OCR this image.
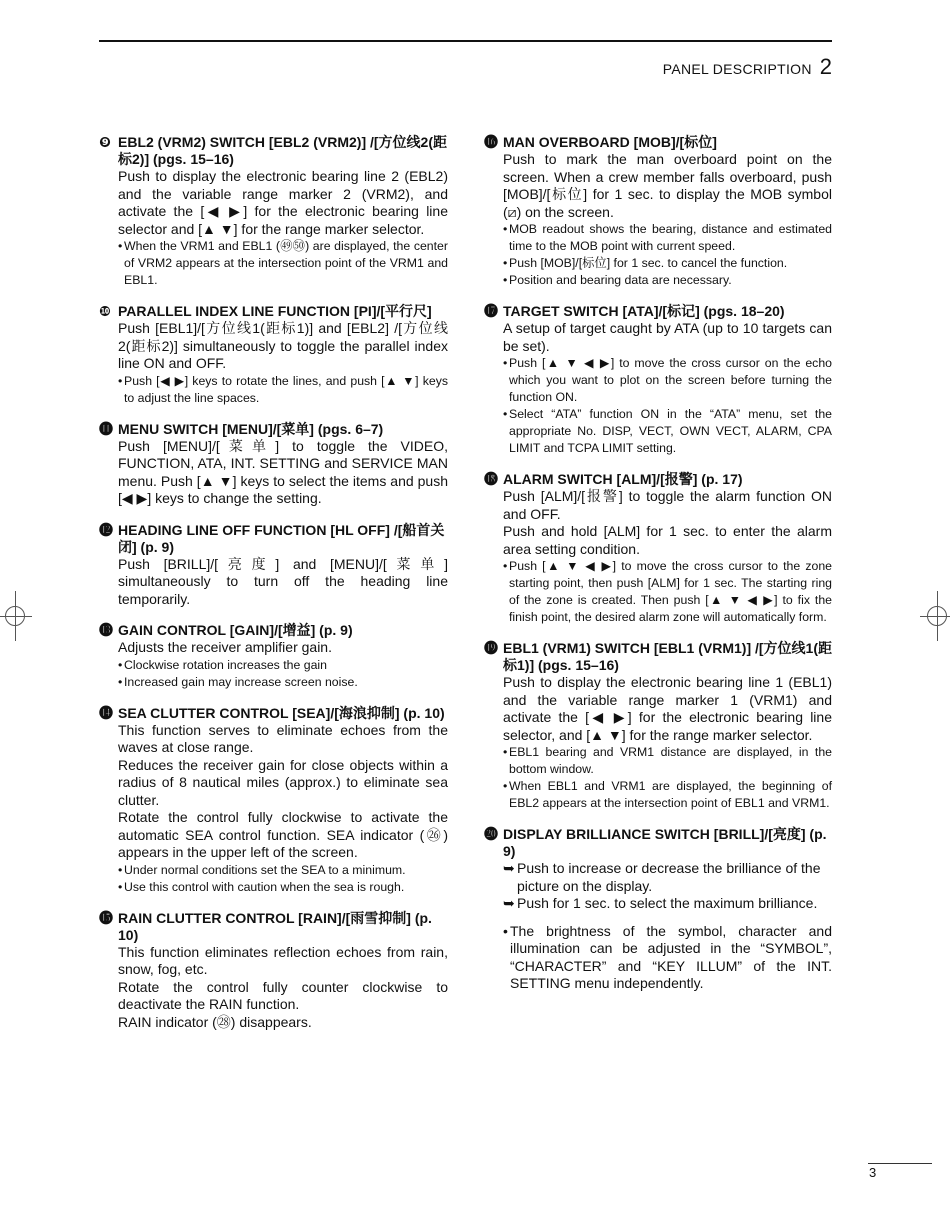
PANEL DESCRIPTION 2
❾ EBL2 (VRM2) SWITCH [EBL2 (VRM2)] /[方位线2(距标2)] (pgs. 15–16)
Push to display the electronic bearing line 2 (EBL2) and the variable range marker 2 (VRM2), and activate the [◀ ▶] for the electronic bearing line selector and [▲ ▼] for the range marker selector.
• When the VRM1 and EBL1 (㊾㊿) are displayed, the center of VRM2 appears at the intersection point of the VRM1 and EBL1.
❿ PARALLEL INDEX LINE FUNCTION [PI]/[平行尺]
Push [EBL1]/[方位线1(距标1)] and [EBL2] /[方位线2(距标2)] simultaneously to toggle the parallel index line ON and OFF.
• Push [◀ ▶] keys to rotate the lines, and push [▲ ▼] keys to adjust the line spaces.
⓫ MENU SWITCH [MENU]/[菜单] (pgs. 6–7)
Push [MENU]/[菜单] to toggle the VIDEO, FUNCTION, ATA, INT. SETTING and SERVICE MAN menu. Push [▲ ▼] keys to select the items and push [◀ ▶] keys to change the setting.
⓬ HEADING LINE OFF FUNCTION [HL OFF] /[船首关闭] (p. 9)
Push [BRILL]/[亮度] and [MENU]/[菜单] simultaneously to turn off the heading line temporarily.
⓭ GAIN CONTROL [GAIN]/[增益] (p. 9)
Adjusts the receiver amplifier gain.
• Clockwise rotation increases the gain
• Increased gain may increase screen noise.
⓮ SEA CLUTTER CONTROL [SEA]/[海浪抑制] (p. 10)
This function serves to eliminate echoes from the waves at close range.
Reduces the receiver gain for close objects within a radius of 8 nautical miles (approx.) to eliminate sea clutter.
Rotate the control fully clockwise to activate the automatic SEA control function. SEA indicator (㉖) appears in the upper left of the screen.
• Under normal conditions set the SEA to a minimum.
• Use this control with caution when the sea is rough.
⓯ RAIN CLUTTER CONTROL [RAIN]/[雨雪抑制] (p. 10)
This function eliminates reflection echoes from rain, snow, fog, etc.
Rotate the control fully counter clockwise to deactivate the RAIN function.
RAIN indicator (㉘) disappears.
⓰ MAN OVERBOARD [MOB]/[标位]
Push to mark the man overboard point on the screen. When a crew member falls overboard, push [MOB]/[标位] for 1 sec. to display the MOB symbol (⧄) on the screen.
• MOB readout shows the bearing, distance and estimated time to the MOB point with current speed.
• Push [MOB]/[标位] for 1 sec. to cancel the function.
• Position and bearing data are necessary.
⓱ TARGET SWITCH [ATA]/[标记] (pgs. 18–20)
A setup of target caught by ATA (up to 10 targets can be set).
• Push [▲ ▼ ◀ ▶] to move the cross cursor on the echo which you want to plot on the screen before turning the function ON.
• Select “ATA” function ON in the “ATA” menu, set the appropriate No. DISP, VECT, OWN VECT, ALARM, CPA LIMIT and TCPA LIMIT setting.
⓲ ALARM SWITCH [ALM]/[报警] (p. 17)
Push [ALM]/[报警] to toggle the alarm function ON and OFF.
Push and hold [ALM] for 1 sec. to enter the alarm area setting condition.
• Push [▲ ▼ ◀ ▶] to move the cross cursor to the zone starting point, then push [ALM] for 1 sec. The starting ring of the zone is created. Then push [▲ ▼ ◀ ▶] to fix the finish point, the desired alarm zone will automatically form.
⓳ EBL1 (VRM1) SWITCH [EBL1 (VRM1)] /[方位线1(距标1)] (pgs. 15–16)
Push to display the electronic bearing line 1 (EBL1) and the variable range marker 1 (VRM1) and activate the [◀ ▶] for the electronic bearing line selector, and [▲ ▼] for the range marker selector.
• EBL1 bearing and VRM1 distance are displayed, in the bottom window.
• When EBL1 and VRM1 are displayed, the beginning of EBL2 appears at the intersection point of EBL1 and VRM1.
⓴ DISPLAY BRILLIANCE SWITCH [BRILL]/[亮度] (p. 9)
➥ Push to increase or decrease the brilliance of the picture on the display.
➥ Push for 1 sec. to select the maximum brilliance.
• The brightness of the symbol, character and illumination can be adjusted in the “SYMBOL”, “CHARACTER” and “KEY ILLUM” of the INT. SETTING menu independently.
3
